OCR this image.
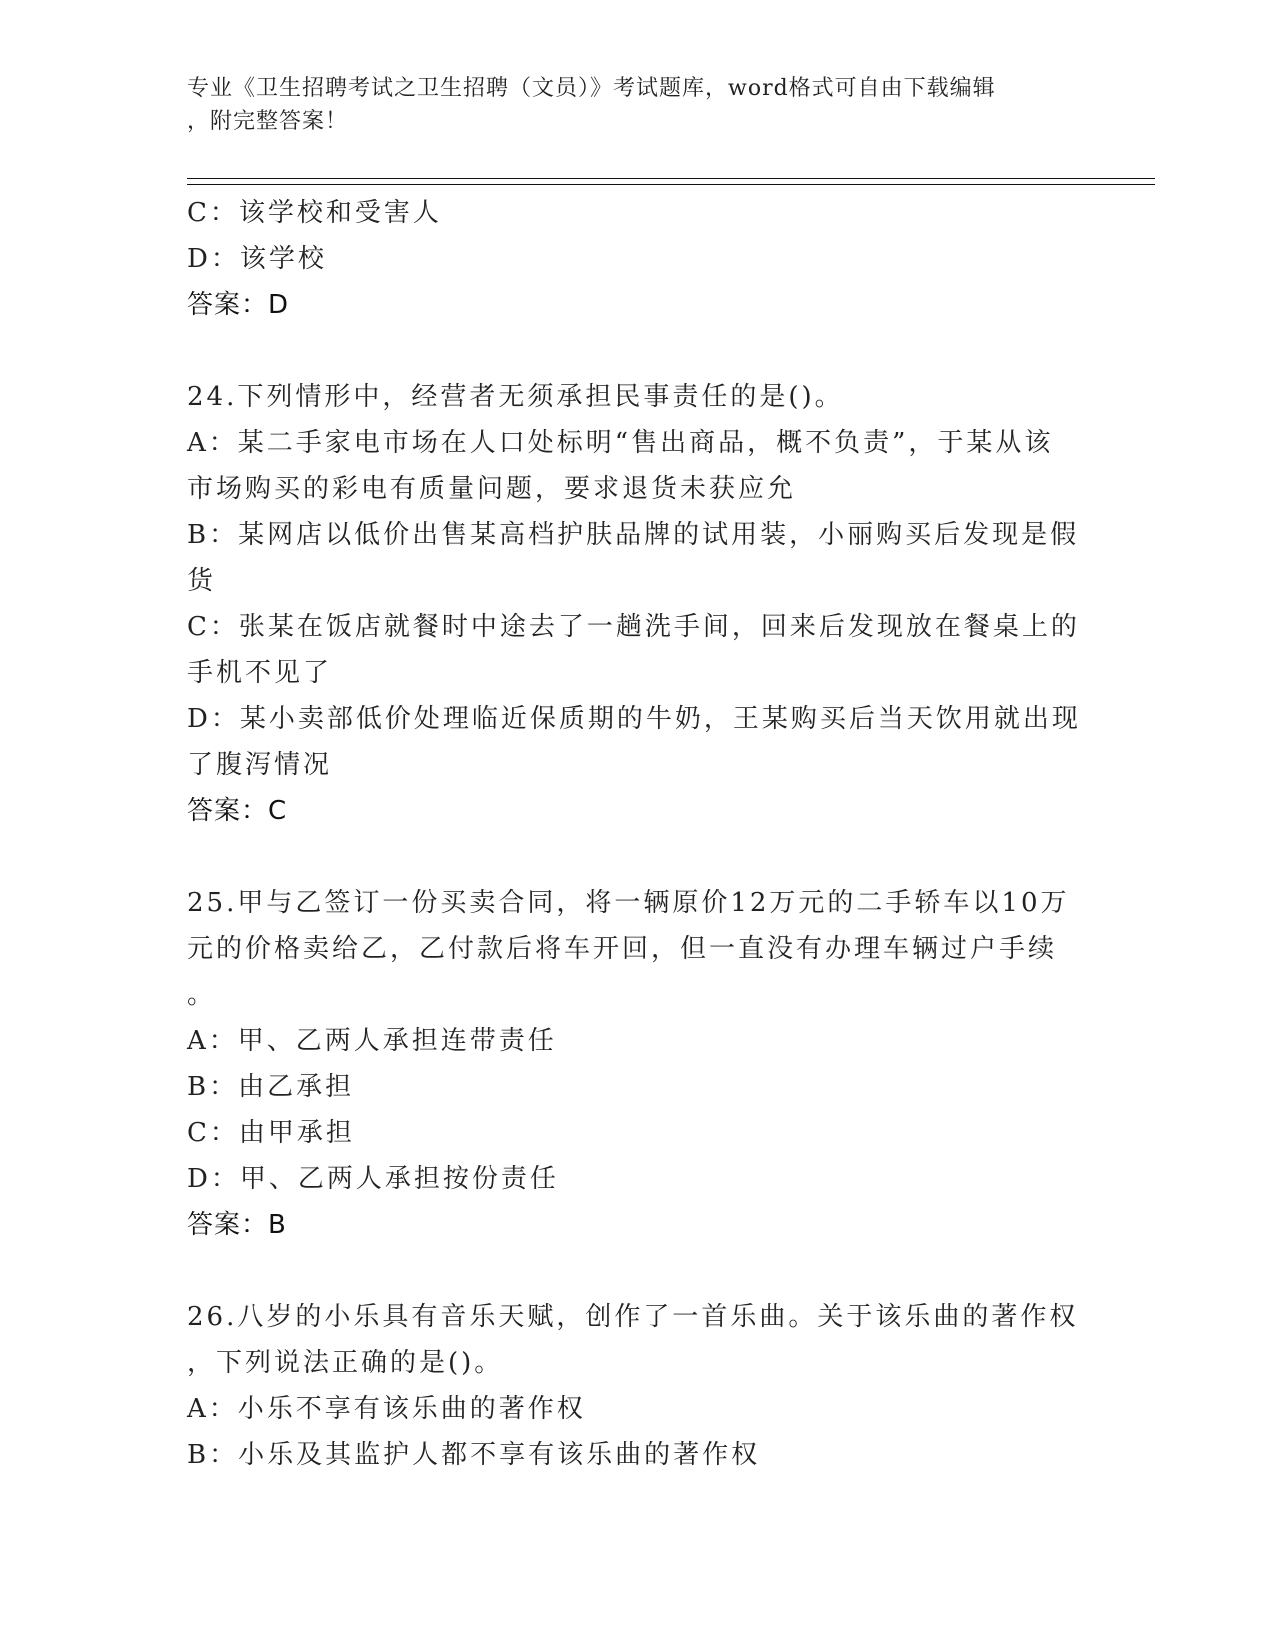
专业《卫生招聘考试之卫生招聘（文员）》考试题库，word格式可自由下载编辑
，附完整答案！
C：该学校和受害人
D：该学校
答案：D
24.下列情形中，经营者无须承担民事责任的是()。
A：某二手家电市场在人口处标明“售出商品，概不负责”，于某从该
市场购买的彩电有质量问题，要求退货未获应允
B：某网店以低价出售某高档护肤品牌的试用装，小丽购买后发现是假
货
C：张某在饭店就餐时中途去了一趟洗手间，回来后发现放在餐桌上的
手机不见了
D：某小卖部低价处理临近保质期的牛奶，王某购买后当天饮用就出现
了腹泻情况
答案：C
25.甲与乙签订一份买卖合同，将一辆原价12万元的二手轿车以10万
元的价格卖给乙，乙付款后将车开回，但一直没有办理车辆过户手续
。
A：甲、乙两人承担连带责任
B：由乙承担
C：由甲承担
D：甲、乙两人承担按份责任
答案：B
26.八岁的小乐具有音乐天赋，创作了一首乐曲。关于该乐曲的著作权
，下列说法正确的是()。
A：小乐不享有该乐曲的著作权
B：小乐及其监护人都不享有该乐曲的著作权
